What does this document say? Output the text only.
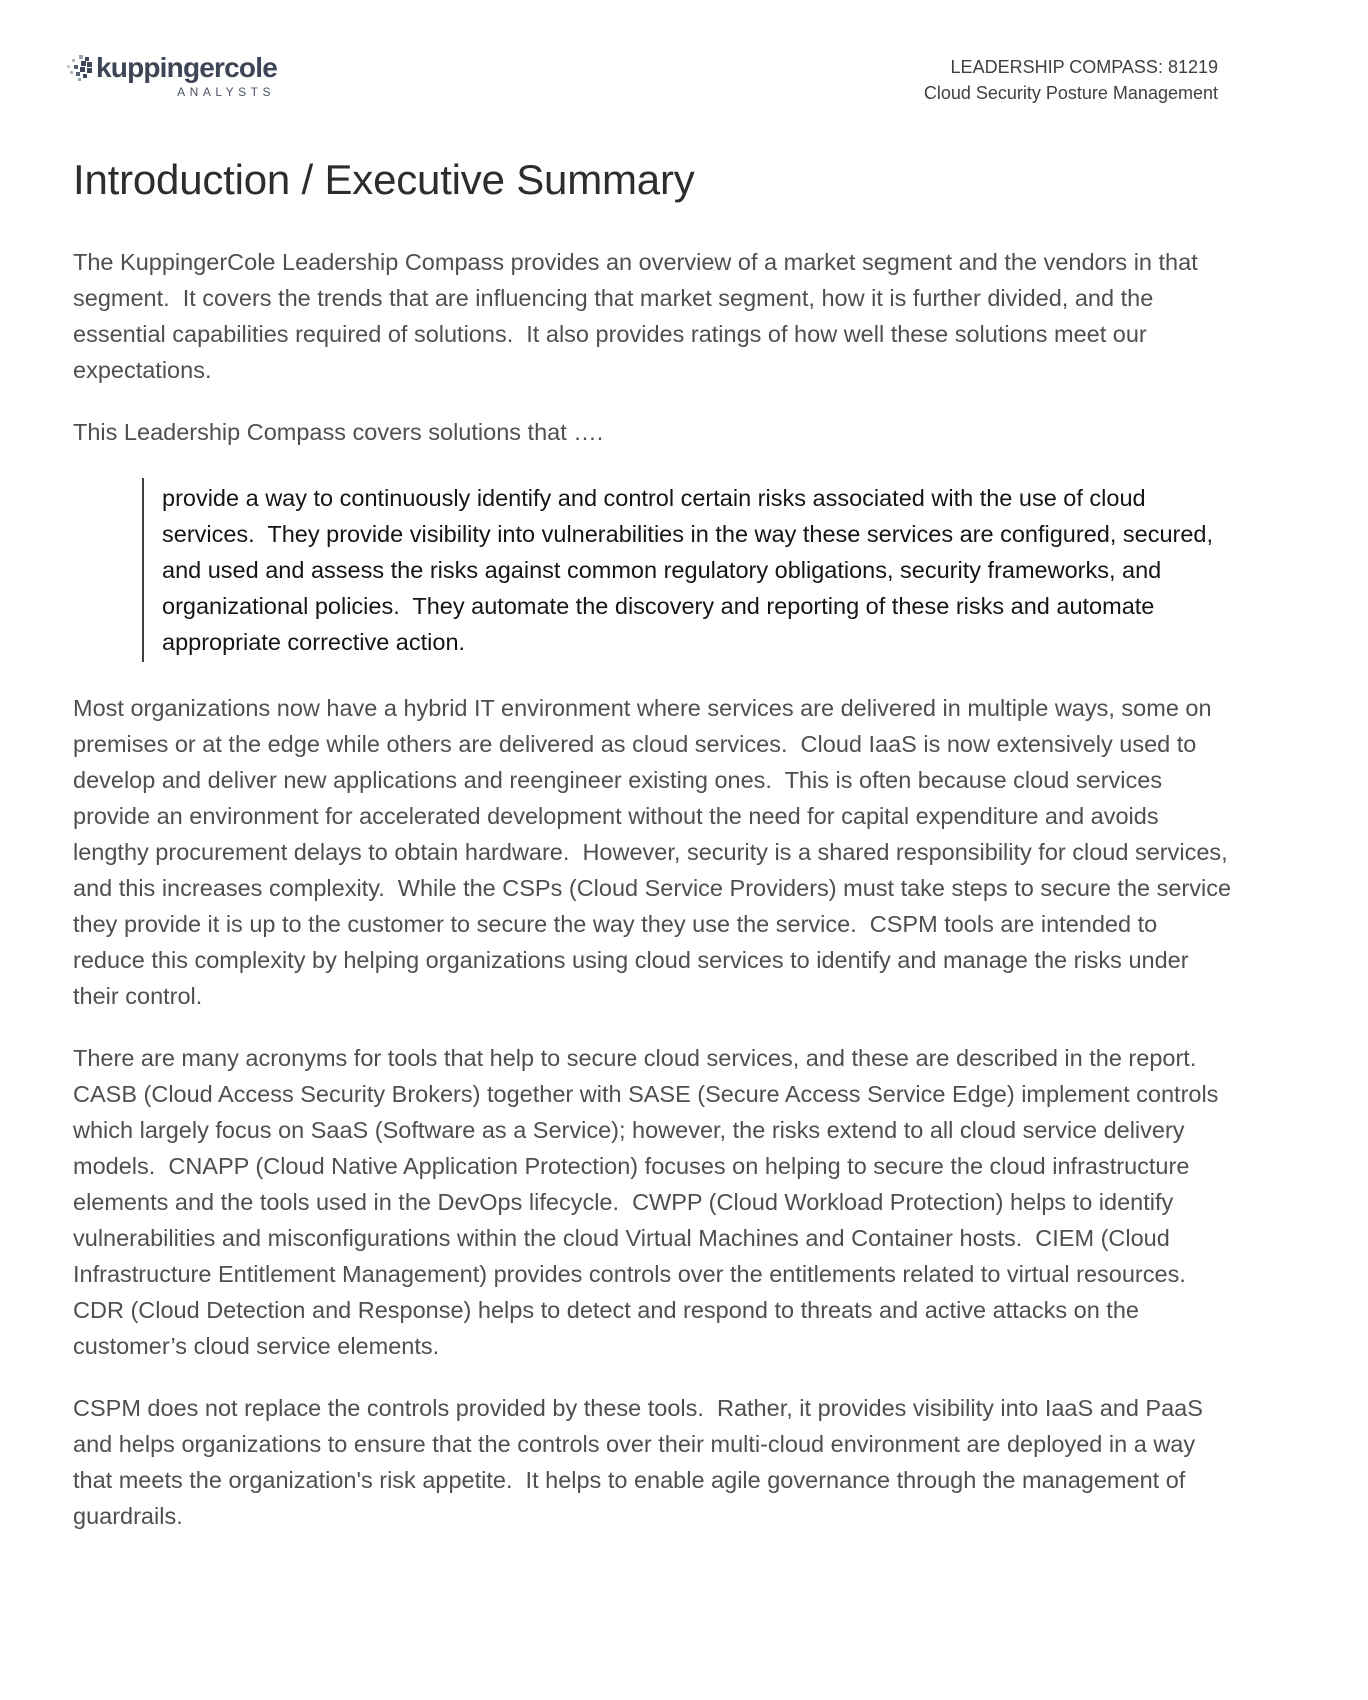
kuppingercole
ANALYSTS
LEADERSHIP COMPASS: 81219
Cloud Security Posture Management
Introduction / Executive Summary

The KuppingerCole Leadership Compass provides an overview of a market segment and the vendors in that segment.  It covers the trends that are influencing that market segment, how it is further divided, and the essential capabilities required of solutions.  It also provides ratings of how well these solutions meet our expectations.

This Leadership Compass covers solutions that ….

provide a way to continuously identify and control certain risks associated with the use of cloud services.  They provide visibility into vulnerabilities in the way these services are configured, secured, and used and assess the risks against common regulatory obligations, security frameworks, and organizational policies.  They automate the discovery and reporting of these risks and automate appropriate corrective action.

Most organizations now have a hybrid IT environment where services are delivered in multiple ways, some on premises or at the edge while others are delivered as cloud services.  Cloud IaaS is now extensively used to develop and deliver new applications and reengineer existing ones.  This is often because cloud services provide an environment for accelerated development without the need for capital expenditure and avoids lengthy procurement delays to obtain hardware.  However, security is a shared responsibility for cloud services, and this increases complexity.  While the CSPs (Cloud Service Providers) must take steps to secure the service they provide it is up to the customer to secure the way they use the service.  CSPM tools are intended to reduce this complexity by helping organizations using cloud services to identify and manage the risks under their control.

There are many acronyms for tools that help to secure cloud services, and these are described in the report.  CASB (Cloud Access Security Brokers) together with SASE (Secure Access Service Edge) implement controls which largely focus on SaaS (Software as a Service); however, the risks extend to all cloud service delivery models.  CNAPP (Cloud Native Application Protection) focuses on helping to secure the cloud infrastructure elements and the tools used in the DevOps lifecycle.  CWPP (Cloud Workload Protection) helps to identify vulnerabilities and misconfigurations within the cloud Virtual Machines and Container hosts.  CIEM (Cloud Infrastructure Entitlement Management) provides controls over the entitlements related to virtual resources.  CDR (Cloud Detection and Response) helps to detect and respond to threats and active attacks on the customer’s cloud service elements.

CSPM does not replace the controls provided by these tools.  Rather, it provides visibility into IaaS and PaaS and helps organizations to ensure that the controls over their multi-cloud environment are deployed in a way that meets the organization's risk appetite.  It helps to enable agile governance through the management of guardrails.
